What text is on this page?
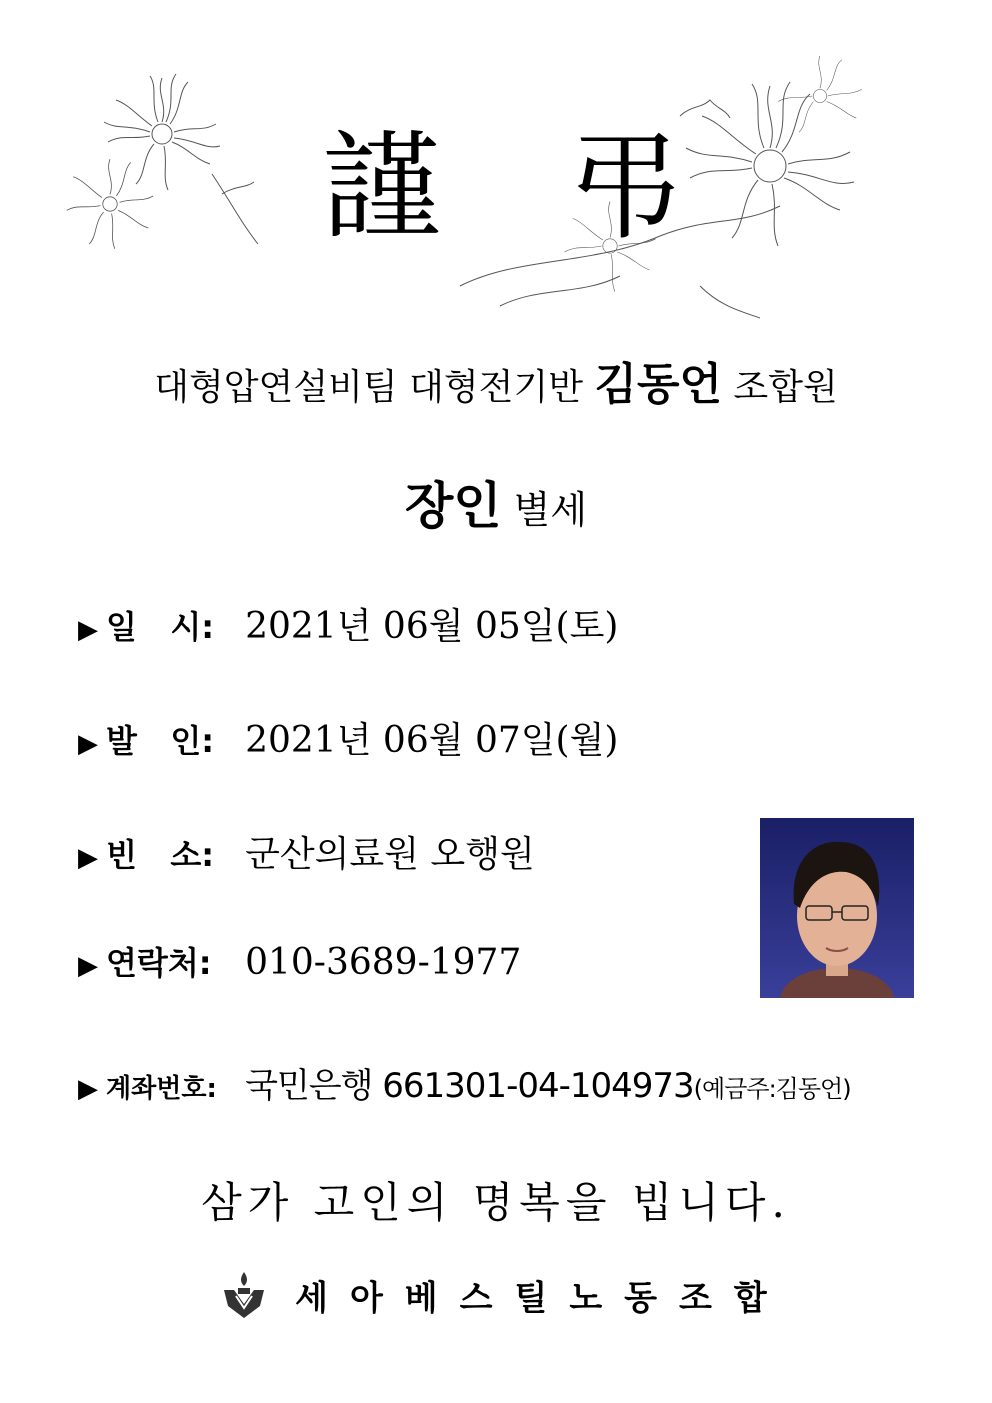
謹 弔
대형압연설비팀 대형전기반 김동언 조합원
장인 별세
▶ 일   시: 2021년 06월 05일(토)
▶ 발   인: 2021년 06월 07일(월)
▶ 빈   소: 군산의료원 오행원
▶ 연락처: 010-3689-1977
▶ 계좌번호: 국민은행 661301-04-104973(예금주:김동언)
삼가 고인의 명복을 빕니다.
세아베스틸노동조합
